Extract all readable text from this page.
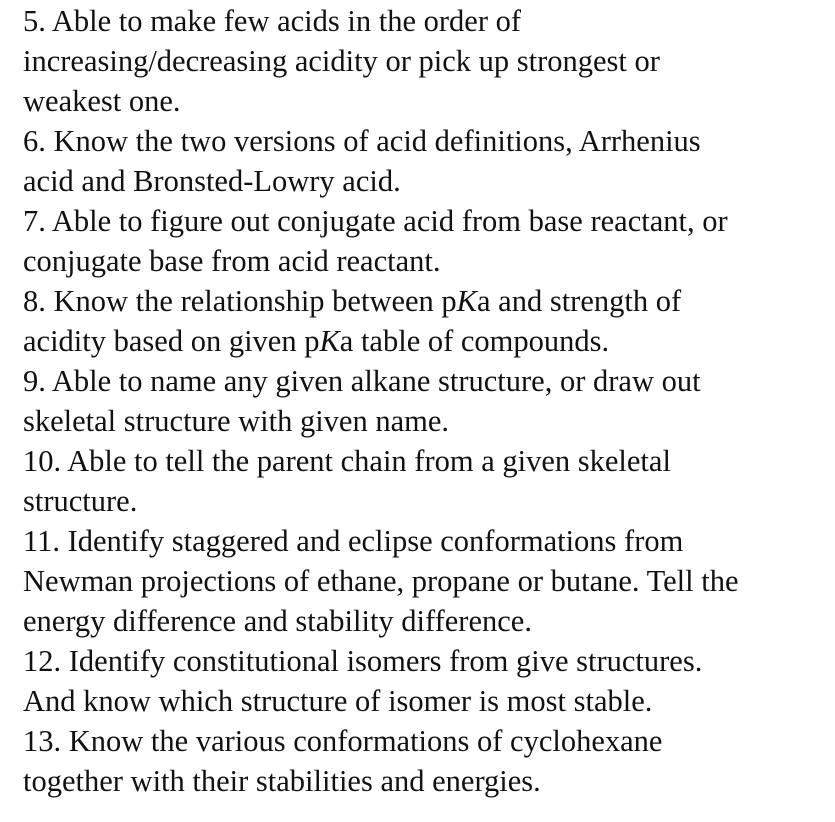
5. Able to make few acids in the order of
increasing/decreasing acidity or pick up strongest or
weakest one.
6. Know the two versions of acid definitions, Arrhenius
acid and Bronsted-Lowry acid.
7. Able to figure out conjugate acid from base reactant, or
conjugate base from acid reactant.
8. Know the relationship between pKa and strength of
acidity based on given pKa table of compounds.
9. Able to name any given alkane structure, or draw out
skeletal structure with given name.
10. Able to tell the parent chain from a given skeletal
structure.
11. Identify staggered and eclipse conformations from
Newman projections of ethane, propane or butane. Tell the
energy difference and stability difference.
12. Identify constitutional isomers from give structures.
And know which structure of isomer is most stable.
13. Know the various conformations of cyclohexane
together with their stabilities and energies.
